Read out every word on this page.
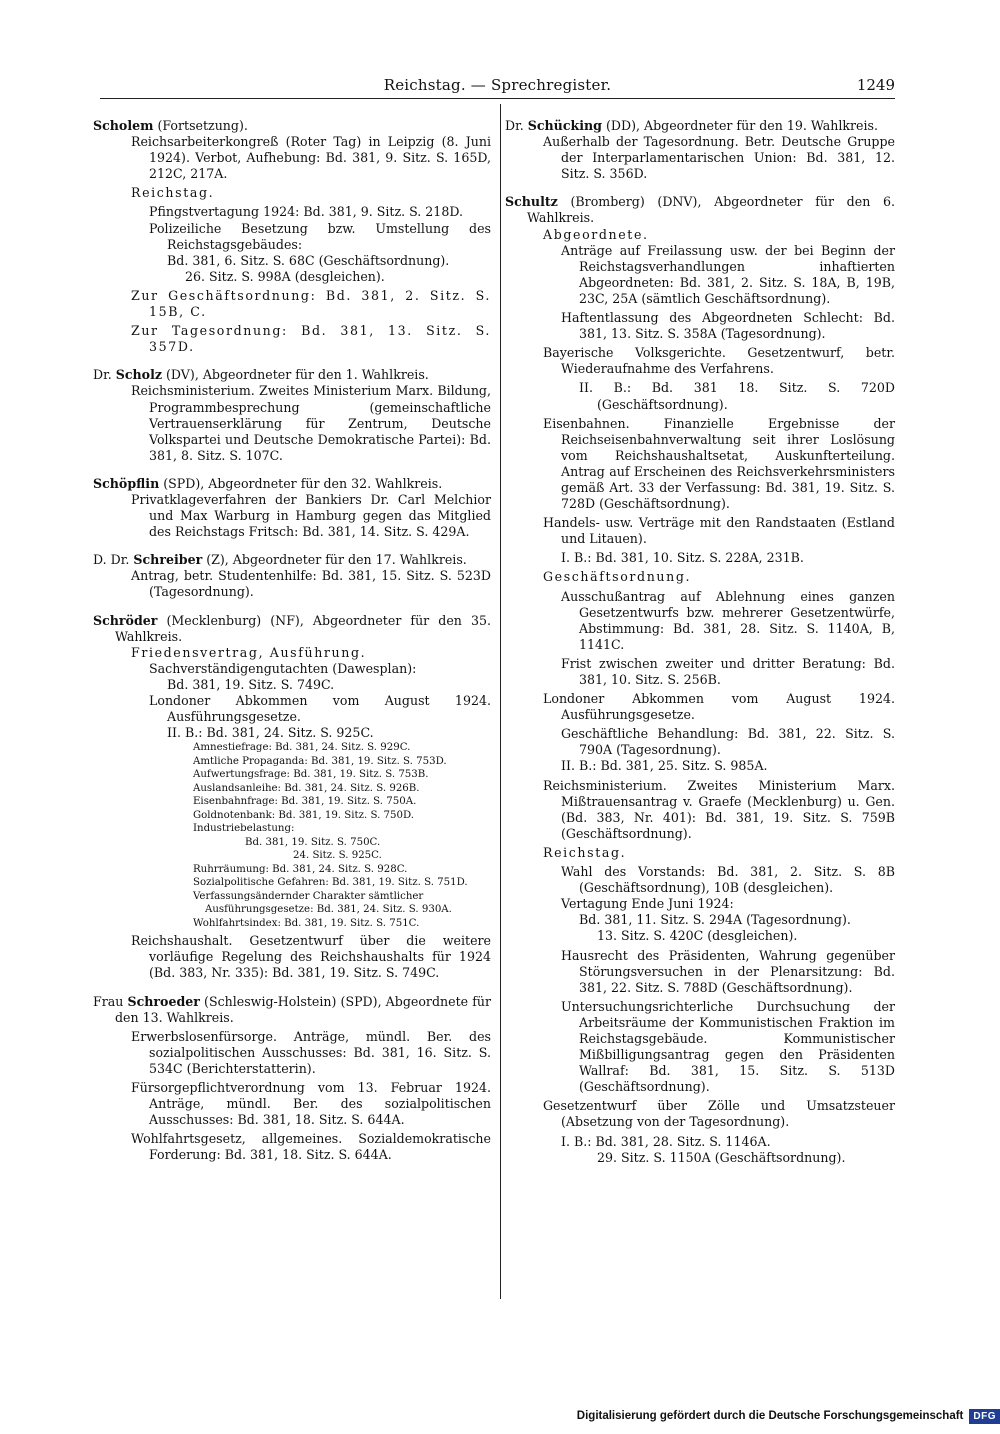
Reichstag. — Sprechregister.	1249
Scholem (Fortsetzung).
Reichsarbeiterkongreß (Roter Tag) in Leipzig (8. Juni 1924). Verbot, Aufhebung: Bd. 381, 9. Sitz. S. 165D, 212C, 217A.
Reichstag.
Pfingstvertagung 1924: Bd. 381, 9. Sitz. S. 218D.
Polizeiliche Besetzung bzw. Umstellung des Reichstagsgebäudes:
Bd. 381, 6. Sitz. S. 68C (Geschäftsordnung).
26. Sitz. S. 998A (desgleichen).
Zur Geschäftsordnung: Bd. 381, 2. Sitz. S. 15B, C.
Zur Tagesordnung: Bd. 381, 13. Sitz. S. 357D.
Dr. Scholz (DV), Abgeordneter für den 1. Wahlkreis.
Reichsministerium. Zweites Ministerium Marx. Bildung, Programmbesprechung (gemeinschaftliche Vertrauenserklärung für Zentrum, Deutsche Volkspartei und Deutsche Demokratische Partei): Bd. 381, 8. Sitz. S. 107C.
Schöpflin (SPD), Abgeordneter für den 32. Wahlkreis.
Privatklageverfahren der Bankiers Dr. Carl Melchior und Max Warburg in Hamburg gegen das Mitglied des Reichstags Fritsch: Bd. 381, 14. Sitz. S. 429A.
D. Dr. Schreiber (Z), Abgeordneter für den 17. Wahlkreis.
Antrag, betr. Studentenhilfe: Bd. 381, 15. Sitz. S. 523D (Tagesordnung).
Schröder (Mecklenburg) (NF), Abgeordneter für den 35. Wahlkreis.
Friedensvertrag, Ausführung.
Sachverständigengutachten (Dawesplan):
Bd. 381, 19. Sitz. S. 749C.
Londoner Abkommen vom August 1924. Ausführungsgesetze.
II. B.: Bd. 381, 24. Sitz. S. 925C.
Amnestiefrage: Bd. 381, 24. Sitz. S. 929C.
Amtliche Propaganda: Bd. 381, 19. Sitz. S. 753D.
Aufwertungsfrage: Bd. 381, 19. Sitz. S. 753B.
Auslandsanleihe: Bd. 381, 24. Sitz. S. 926B.
Eisenbahnfrage: Bd. 381, 19. Sitz. S. 750A.
Goldnotenbank: Bd. 381, 19. Sitz. S. 750D.
Industriebelastung:
Bd. 381, 19. Sitz. S. 750C.
24. Sitz. S. 925C.
Ruhrräumung: Bd. 381, 24. Sitz. S. 928C.
Sozialpolitische Gefahren: Bd. 381, 19. Sitz. S. 751D.
Verfassungsändernder Charakter sämtlicher Ausführungsgesetze: Bd. 381, 24. Sitz. S. 930A.
Wohlfahrtsindex: Bd. 381, 19. Sitz. S. 751C.
Reichshaushalt. Gesetzentwurf über die weitere vorläufige Regelung des Reichshaushalts für 1924 (Bd. 383, Nr. 335): Bd. 381, 19. Sitz. S. 749C.
Frau Schroeder (Schleswig-Holstein) (SPD), Abgeordnete für den 13. Wahlkreis.
Erwerbslosenfürsorge. Anträge, mündl. Ber. des sozialpolitischen Ausschusses: Bd. 381, 16. Sitz. S. 534C (Berichterstatterin).
Fürsorgepflichtverordnung vom 13. Februar 1924. Anträge, mündl. Ber. des sozialpolitischen Ausschusses: Bd. 381, 18. Sitz. S. 644A.
Wohlfahrtsgesetz, allgemeines. Sozialdemokratische Forderung: Bd. 381, 18. Sitz. S. 644A.
Dr. Schücking (DD), Abgeordneter für den 19. Wahlkreis.
Außerhalb der Tagesordnung. Betr. Deutsche Gruppe der Interparlamentarischen Union: Bd. 381, 12. Sitz. S. 356D.
Schultz (Bromberg) (DNV), Abgeordneter für den 6. Wahlkreis.
Abgeordnete.
Anträge auf Freilassung usw. der bei Beginn der Reichstagsverhandlungen inhaftierten Abgeordneten: Bd. 381, 2. Sitz. S. 18A, B, 19B, 23C, 25A (sämtlich Geschäftsordnung).
Haftentlassung des Abgeordneten Schlecht: Bd. 381, 13. Sitz. S. 358A (Tagesordnung).
Bayerische Volksgerichte. Gesetzentwurf, betr. Wiederaufnahme des Verfahrens.
II. B.: Bd. 381 18. Sitz. S. 720D (Geschäftsordnung).
Eisenbahnen. Finanzielle Ergebnisse der Reichseisenbahnverwaltung seit ihrer Loslösung vom Reichshaushaltsetat, Auskunfterteilung. Antrag auf Erscheinen des Reichsverkehrsministers gemäß Art. 33 der Verfassung: Bd. 381, 19. Sitz. S. 728D (Geschäftsordnung).
Handels- usw. Verträge mit den Randstaaten (Estland und Litauen).
I. B.: Bd. 381, 10. Sitz. S. 228A, 231B.
Geschäftsordnung.
Ausschußantrag auf Ablehnung eines ganzen Gesetzentwurfs bzw. mehrerer Gesetzentwürfe, Abstimmung: Bd. 381, 28. Sitz. S. 1140A, B, 1141C.
Frist zwischen zweiter und dritter Beratung: Bd. 381, 10. Sitz. S. 256B.
Londoner Abkommen vom August 1924. Ausführungsgesetze.
Geschäftliche Behandlung: Bd. 381, 22. Sitz. S. 790A (Tagesordnung).
II. B.: Bd. 381, 25. Sitz. S. 985A.
Reichsministerium. Zweites Ministerium Marx. Mißtrauensantrag v. Graefe (Mecklenburg) u. Gen. (Bd. 383, Nr. 401): Bd. 381, 19. Sitz. S. 759B (Geschäftsordnung).
Reichstag.
Wahl des Vorstands: Bd. 381, 2. Sitz. S. 8B (Geschäftsordnung), 10B (desgleichen).
Vertagung Ende Juni 1924:
Bd. 381, 11. Sitz. S. 294A (Tagesordnung).
13. Sitz. S. 420C (desgleichen).
Hausrecht des Präsidenten, Wahrung gegenüber Störungsversuchen in der Plenarsitzung: Bd. 381, 22. Sitz. S. 788D (Geschäftsordnung).
Untersuchungsrichterliche Durchsuchung der Arbeitsräume der Kommunistischen Fraktion im Reichstagsgebäude. Kommunistischer Mißbilligungsantrag gegen den Präsidenten Wallraf: Bd. 381, 15. Sitz. S. 513D (Geschäftsordnung).
Gesetzentwurf über Zölle und Umsatzsteuer (Absetzung von der Tagesordnung).
I. B.: Bd. 381, 28. Sitz. S. 1146A.
29. Sitz. S. 1150A (Geschäftsordnung).
Digitalisierung gefördert durch die Deutsche Forschungsgemeinschaft	DFG
